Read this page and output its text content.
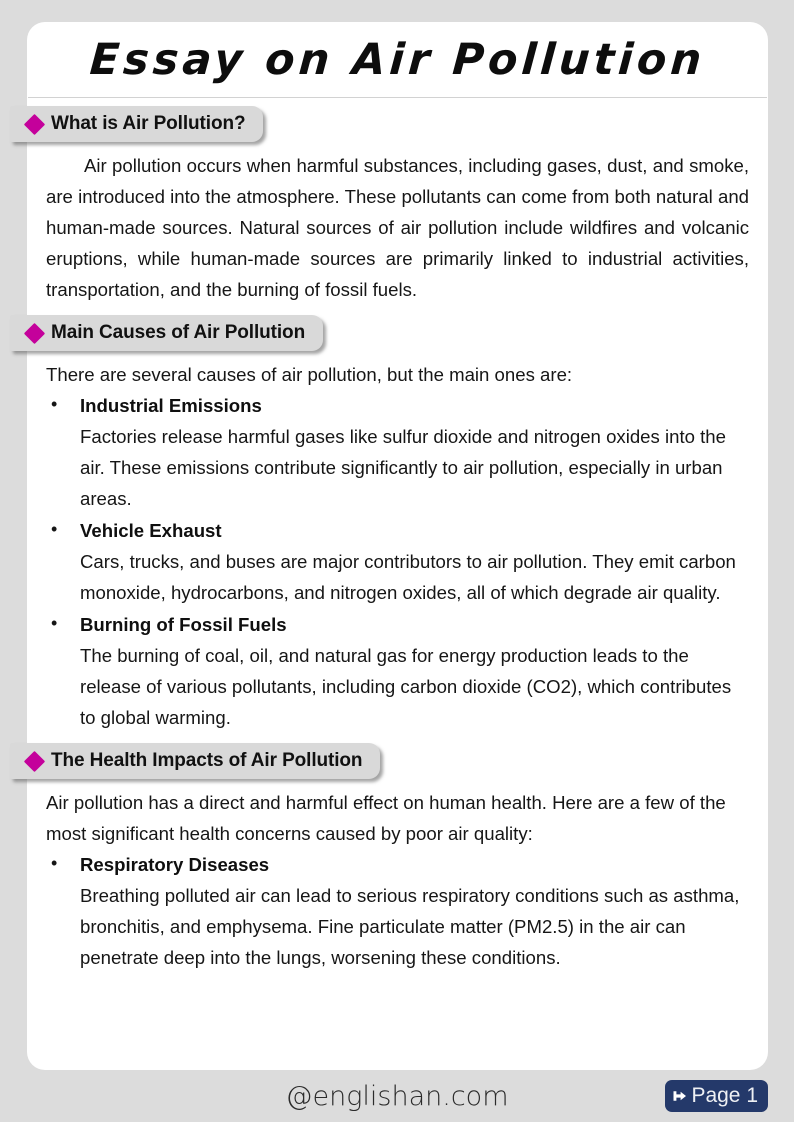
Essay on Air Pollution
What is Air Pollution?

Air pollution occurs when harmful substances, including gases, dust, and smoke, are introduced into the atmosphere. These pollutants can come from both natural and human-made sources. Natural sources of air pollution include wildfires and volcanic eruptions, while human-made sources are primarily linked to industrial activities, transportation, and the burning of fossil fuels.

Main Causes of Air Pollution

There are several causes of air pollution, but the main ones are:

• Industrial Emissions
Factories release harmful gases like sulfur dioxide and nitrogen oxides into the air. These emissions contribute significantly to air pollution, especially in urban areas.
• Vehicle Exhaust
Cars, trucks, and buses are major contributors to air pollution. They emit carbon monoxide, hydrocarbons, and nitrogen oxides, all of which degrade air quality.
• Burning of Fossil Fuels
The burning of coal, oil, and natural gas for energy production leads to the release of various pollutants, including carbon dioxide (CO2), which contributes to global warming.
The Health Impacts of Air Pollution

Air pollution has a direct and harmful effect on human health. Here are a few of the most significant health concerns caused by poor air quality:

• Respiratory Diseases
Breathing polluted air can lead to serious respiratory conditions such as asthma, bronchitis, and emphysema. Fine particulate matter (PM2.5) in the air can penetrate deep into the lungs, worsening these conditions.
@englishan.com	Page 1
